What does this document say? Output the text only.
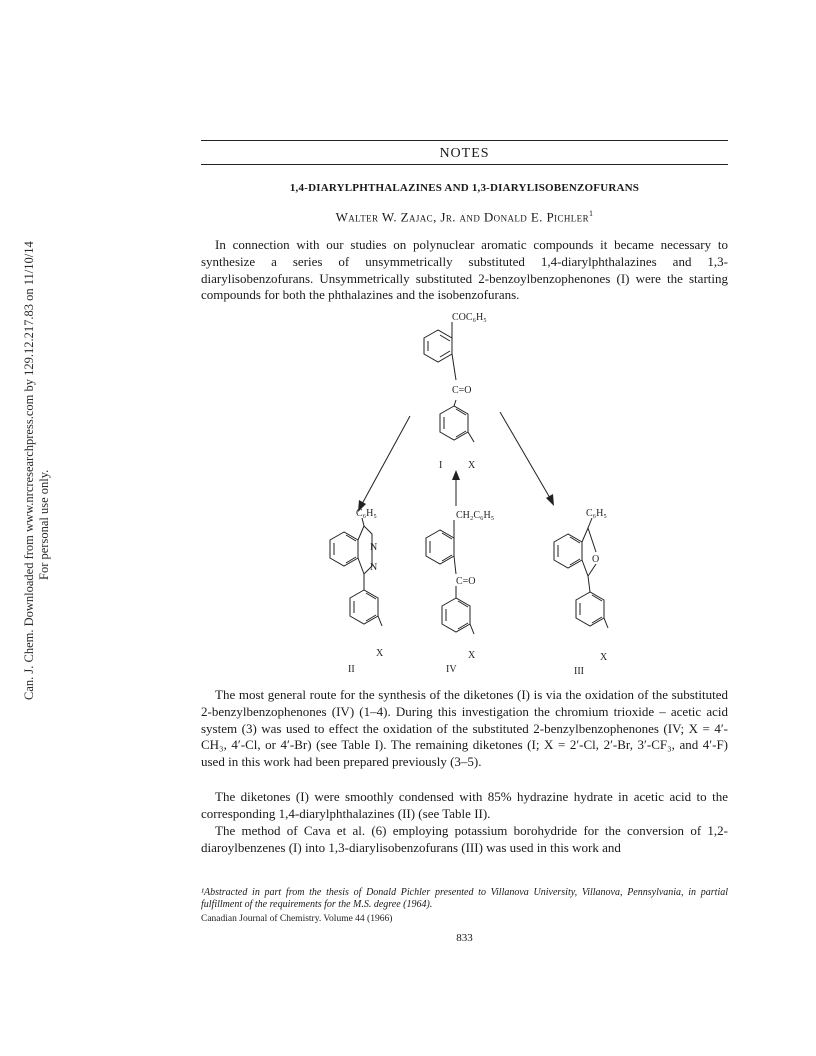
Can. J. Chem. Downloaded from www.nrcresearchpress.com by 129.12.217.83 on 11/10/14 For personal use only.
NOTES
1,4-DIARYLPHTHALAZINES AND 1,3-DIARYLISOBENZOFURANS
Walter W. Zajac, Jr. and Donald E. Pichler$^1$

In connection with our studies on polynuclear aromatic compounds it became necessary to synthesize a series of unsymmetrically substituted 1,4-diarylphthalazines and 1,3-diarylisobenzofurans. Unsymmetrically substituted 2-benzoylbenzophenones (I) were the starting compounds for both the phthalazines and the isobenzofurans.

COC₆H₅
C=O
I	X
C₆H₅
N
N
X
II
CH₂C₆H₅
C=O
X
IV
C₆H₅
O
X
III

The most general route for the synthesis of the diketones (I) is via the oxidation of the substituted 2-benzylbenzophenones (IV) (1–4). During this investigation the chromium trioxide – acetic acid system (3) was used to effect the oxidation of the substituted 2-benzylbenzophenones (IV; X = 4′-CH₃, 4′-Cl, or 4′-Br) (see Table I). The remaining diketones (I; X = 2′-Cl, 2′-Br, 3′-CF₃, and 4′-F) used in this work had been prepared previously (3–5).

The diketones (I) were smoothly condensed with 85% hydrazine hydrate in acetic acid to the corresponding 1,4-diarylphthalazines (II) (see Table II).

The method of Cava et al. (6) employing potassium borohydride for the conversion of 1,2-diaroylbenzenes (I) into 1,3-diarylisobenzofurans (III) was used in this work and

¹Abstracted in part from the thesis of Donald Pichler presented to Villanova University, Villanova, Pennsylvania, in partial fulfillment of the requirements for the M.S. degree (1964).

Canadian Journal of Chemistry. Volume 44 (1966)
833
